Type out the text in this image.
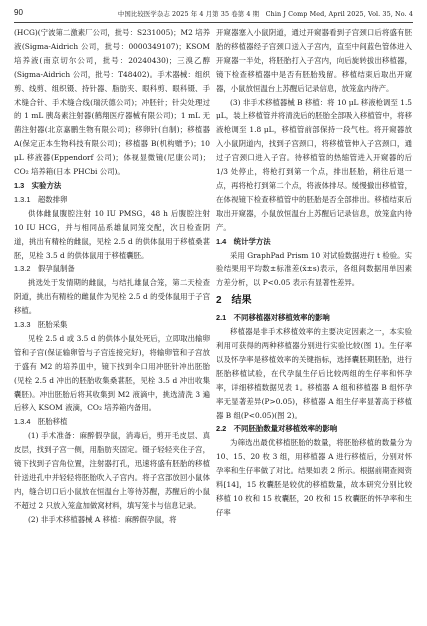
90	中国比较医学杂志 2025 年 4 月第 35 卷第 4 期　Chin J Comp Med, April 2025, Vol. 35, No. 4

(HCG)(宁波第二激素厂公司，批号：S231005)；M2 培养液(Sigma-Aidrich 公司，批号：0000349107)；KSOM 培养液(南京切尔公司，批号：20240430)；三溴乙醇(Sigma-Aidrich 公司，批号：T48402)。手术器械：组织剪、线剪、组织镊、持针器、脂肪夹、眼科剪、眼科镊、手术缝合针、手术缝合线(瑞沃德公司)；冲胚针；针尖处理过的 1 mL 胰岛素注射器(鹤翔医疗器械有限公司)；1 mL 无菌注射器(北京嘉鹏生物有限公司)；移卵针(自制)；移植器 A(保定正本生物科技有限公司)；移植器 B(机构赠予)；10 μL 移液器(Eppendorf 公司)；体视显微镜(尼康公司)；CO₂ 培养箱(日本 PHCbi 公司)。

1.3　实验方法

1.3.1　超数排卵

供体雌鼠腹腔注射 10 IU PMSG，48 h 后腹腔注射 10 IU HCG，并与相同品系雄鼠同笼交配，次日检查阴道，挑出有精栓的雌鼠，见栓 2.5 d 的供体鼠用于移植桑葚胚，见栓 3.5 d 的供体鼠用于移植囊胚。

1.3.2　假孕鼠制备

挑选处于发情期的雌鼠，与结扎雄鼠合笼，第二天检查阴道，挑出有精栓的雌鼠作为见栓 2.5 d 的受体鼠用于子宫移植。

1.3.3　胚胎采集

见栓 2.5 d 或 3.5 d 的供体小鼠处死后，立即取出输卵管和子宫(保证输卵管与子宫连接完好)，将输卵管和子宫放于盛有 M2 的培养皿中，镜下找到伞口用冲胚针冲出胚胎(见栓 2.5 d 冲出的胚胎收集桑葚胚，见栓 3.5 d 冲出收集囊胚)。冲出胚胎后将其收集到 M2 液滴中，挑选清洗 3 遍后移入 KSOM 液滴，CO₂ 培养箱内备用。

1.3.4　胚胎移植

(1) 手术准备：麻醉假孕鼠，消毒后，剪开毛皮层、真皮层，找到子宫一侧，用脂肪夹固定。镊子轻轻夹住子宫，镜下找到子宫角位置，注射器打孔，迅速将盛有胚胎的移植针送进孔中并轻轻将胚胎吹入子宫内。将子宫部放回小鼠体内，缝合切口后小鼠放在恒温台上等待苏醒，苏醒后的小鼠不超过 2 只放入笼盒加做窝材料，填写笼卡与信息记录。

(2) 非手术移植器械 A 移植：麻醉假孕鼠，将

开窥器塞入小鼠阴道，通过开窥器看到子宫颈口后将盛有胚胎的移植器经子宫颈口送入子宫内，直至中间蓝色管体进入开窥器一半处，将胚胎打入子宫内，向后旋转拔出移植器，镜下检查移植器中是否有胚胎残留。移植结束后取出开窥器，小鼠放恒温台上苏醒后记录信息，放笼盒内待产。

(3) 非手术移植器械 B 移植：将 10 μL 移液枪调至 1.5 μL，装上移植管并将清洗后的胚胎全部吸入移植管中，将移液枪调至 1.8 μL，移植管前部保持一段气柱。将开窥器放入小鼠阴道内，找到子宫颈口，将移植管伸入子宫颈口，通过子宫颈口进入子宫。待移植管的热缩管进入开窥器的后 1/3 处停止，将枪打到第一个点，排出胚胎，稍往后退一点，再将枪打到第二个点，将液体排尽。缓慢撤出移植管，在体视镜下检查移植管中的胚胎是否全部排出。移植结束后取出开窥器，小鼠放恒温台上苏醒后记录信息，放笼盒内待产。

1.4　统计学方法

采用 GraphPad Prism 10 对试验数据进行 t 检验。实验结果用平均数±标准差(x̄±s)表示，各组间数据用单因素方差分析，以 P<0.05 表示有显著性差异。

2　结果

2.1　不同移植器对移植效率的影响

移植器是非手术移植效率的主要决定因素之一，本实验利用可获得的两种移植器分别进行实验比较(图 1)。生仔率以及怀孕率是移植效率的关键指标，选择囊胚期胚胎，进行胚胎移植试验，在代孕鼠生仔后比较两组的生仔率和怀孕率，详细移植数据见表 1。移植器 A 组和移植器 B 组怀孕率无显著差异(P>0.05)，移植器 A 组生仔率显著高于移植器 B 组(P<0.05)(图 2)。

2.2　不同胚胎数量对移植效率的影响

为筛选出最优移植胚胎的数量，将胚胎移植的数量分为 10、15、20 枚 3 组，用移植器 A 进行移植后，分别对怀孕率和生仔率做了对比。结果如表 2 所示。根据前期查阅资料[14]，15 枚囊胚是较优的移植数量，故本研究分别比较移植 10 枚和 15 枚囊胚，20 枚和 15 枚囊胚的怀孕率和生仔率
